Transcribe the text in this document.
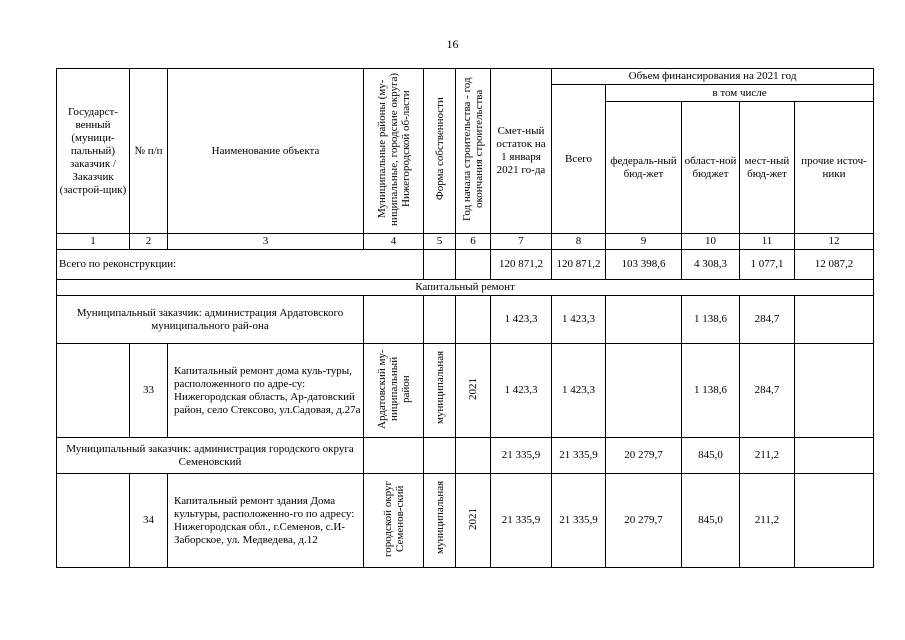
16
Государст-венный (муници-пальный) заказчик / Заказчик (застрой-щик)	№ п/п	Наименование объекта	Муниципальные районы (му-ниципальные, городские округа) Нижегородской об-ласти	Форма собственности	Год начала строительства - год окончания строительства	Смет-ный остаток на 1 января 2021 го-да	Объем финансирования на 2021 год				
							Всего	в том числе			
								федераль-ный бюд-жет	област-ной бюджет	мест-ный бюд-жет	прочие источ-ники
1	2	3	4	5	6	7	8	9	10	11	12
Всего по реконструкции:						120 871,2	120 871,2	103 398,6	4 308,3	1 077,1	12 087,2
Капитальный ремонт											
Муниципальный заказчик: администрация Ардатовского муниципального рай-она						1 423,3	1 423,3		1 138,6	284,7	
	33	Капитальный ремонт дома куль-туры, расположенного по адре-су: Нижегородская область, Ар-датовский район, село Стексово, ул.Садовая, д.27а	Ардатовский му-ниципальный район	муниципальная	2021	1 423,3	1 423,3		1 138,6	284,7	
Муниципальный заказчик: администрация городского округа Семеновский						21 335,9	21 335,9	20 279,7	845,0	211,2	
	34	Капитальный ремонт здания Дома культуры, расположенно-го по адресу: Нижегородская обл., г.Семенов, с.И-Заборское, ул. Медведева, д.12	городской округ Семенов-ский	муниципальная	2021	21 335,9	21 335,9	20 279,7	845,0	211,2	
